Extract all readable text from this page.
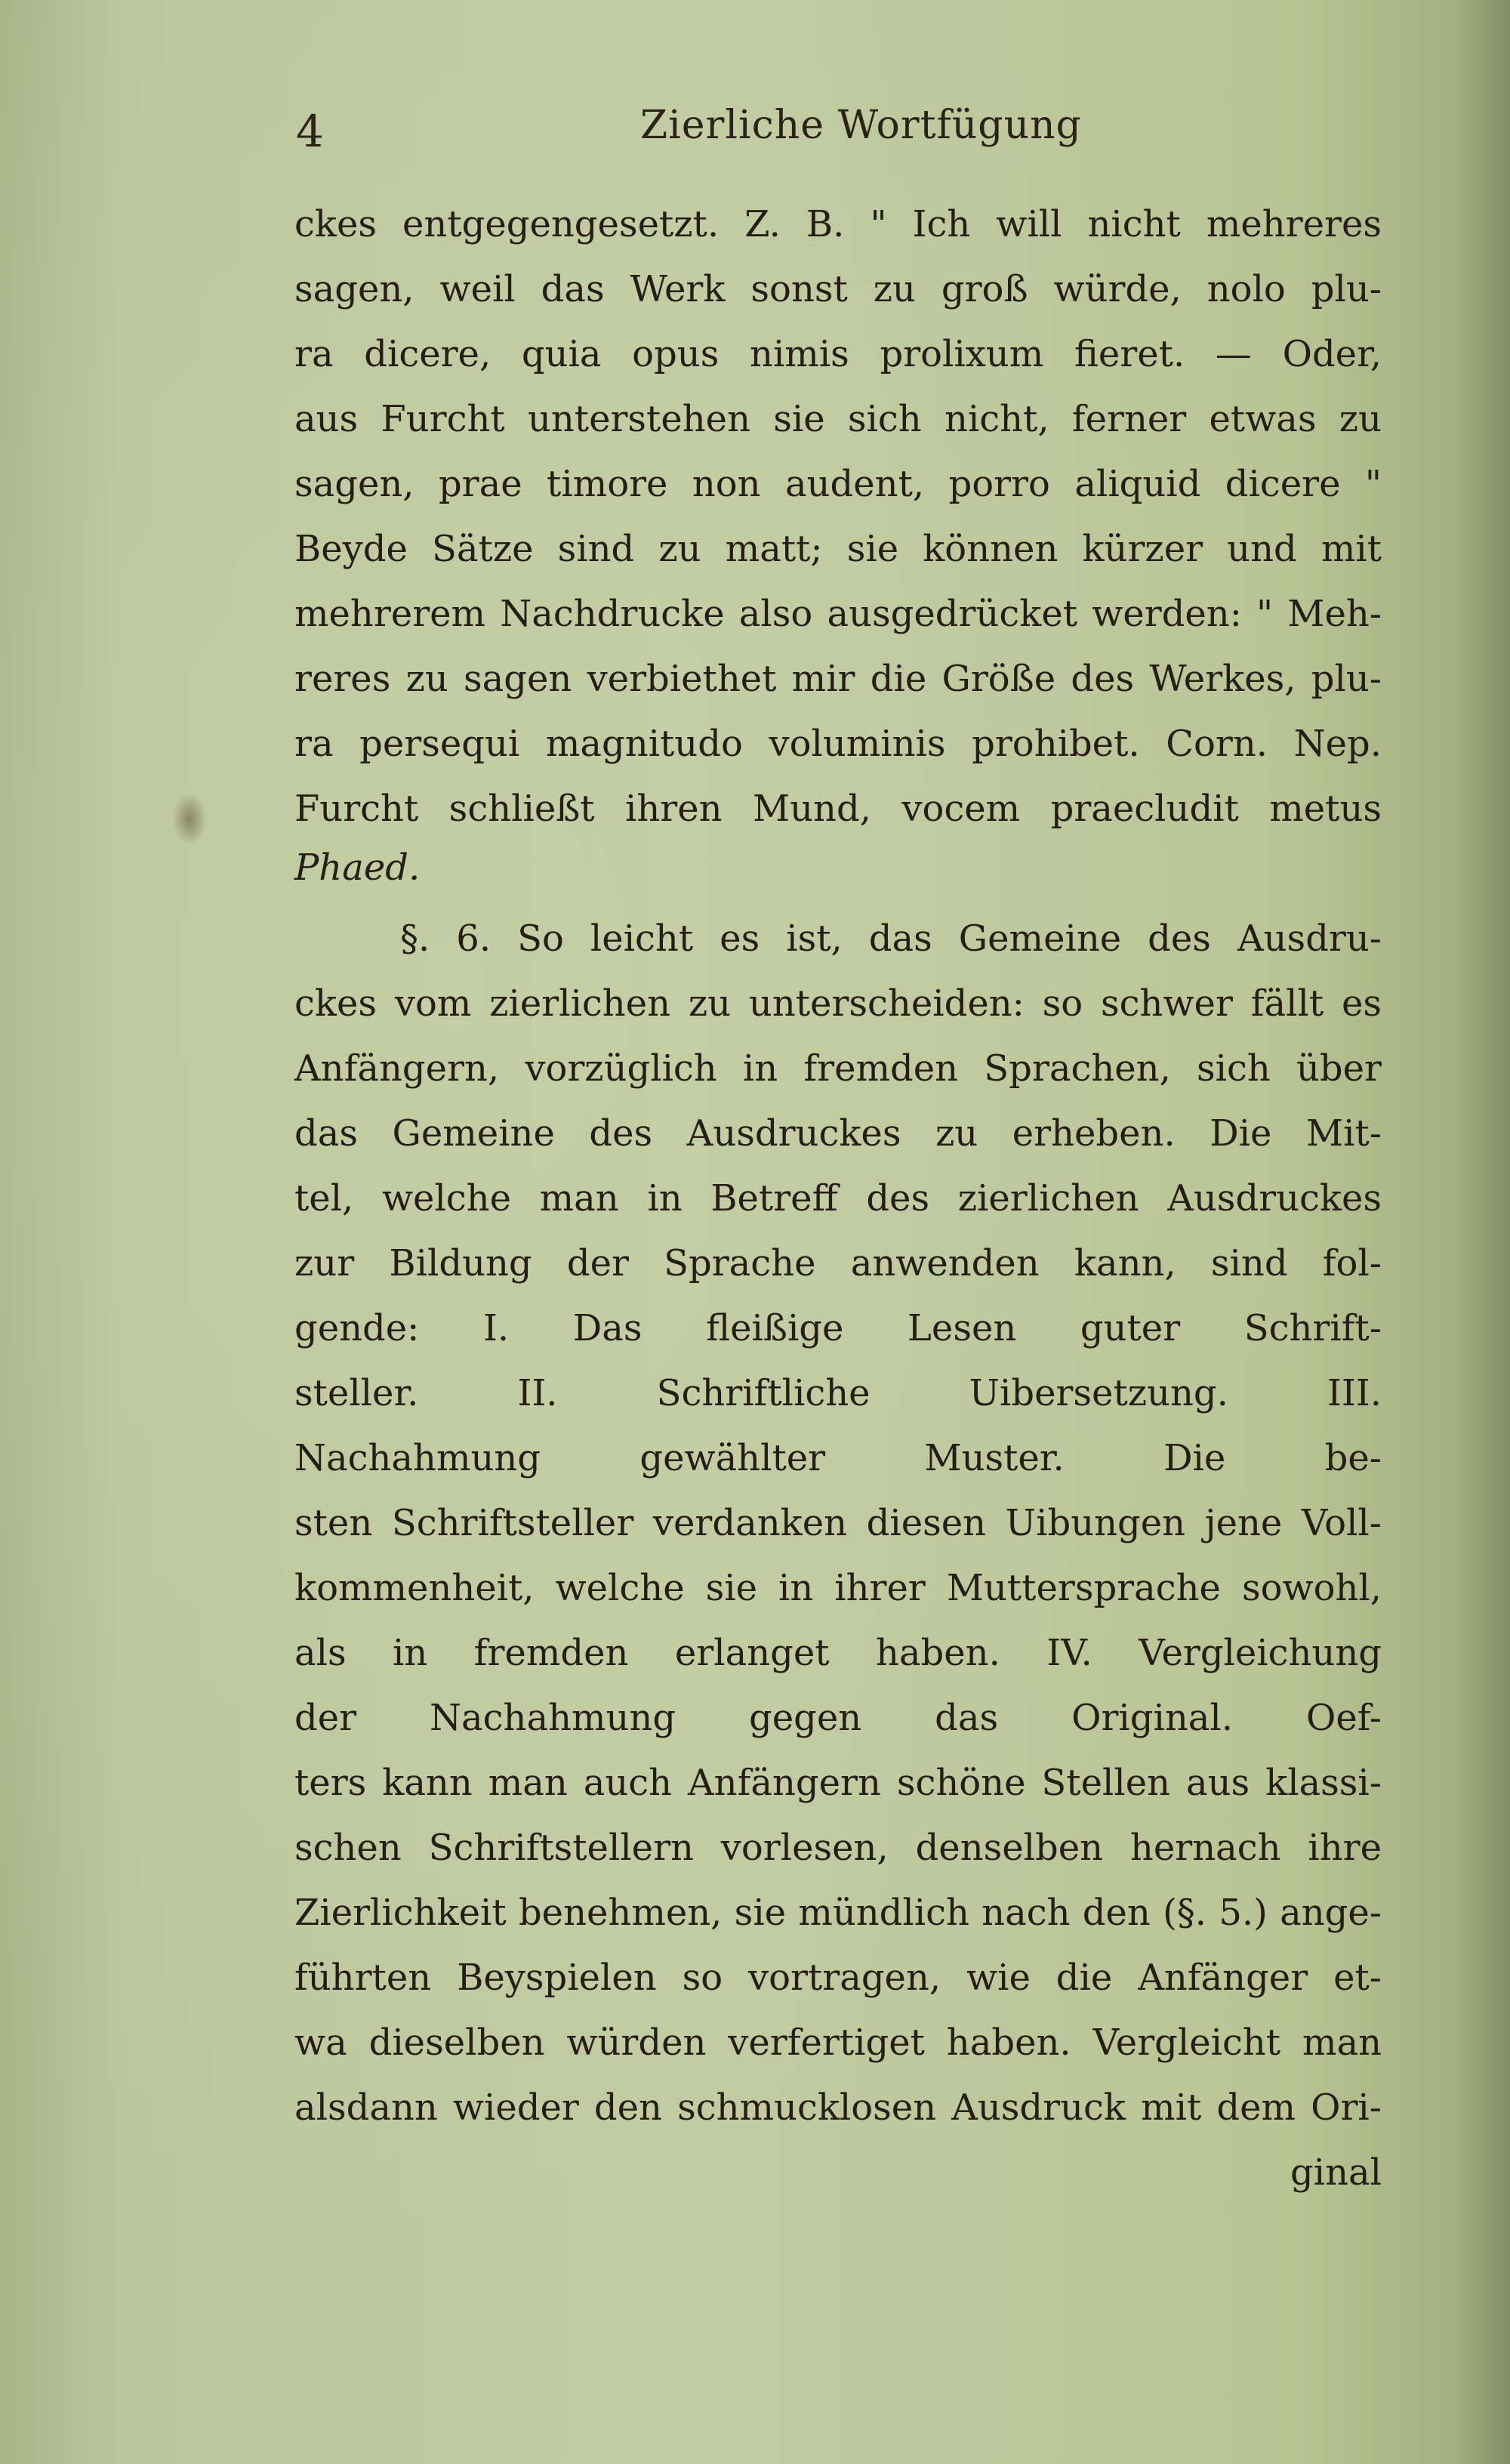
4	Zierliche Wortfügung
ckes entgegengesetzt. Z. B. " Ich will nicht mehreres
sagen, weil das Werk sonst zu groß würde, nolo plu-
ra dicere, quia opus nimis prolixum fieret. — Oder,
aus Furcht unterstehen sie sich nicht, ferner etwas zu
sagen, prae timore non audent, porro aliquid dicere "
Beyde Sätze sind zu matt; sie können kürzer und mit
mehrerem Nachdrucke also ausgedrücket werden: " Meh-
reres zu sagen verbiethet mir die Größe des Werkes, plu-
ra persequi magnitudo voluminis prohibet. Corn. Nep.
Furcht schließt ihren Mund, vocem praecludit metus
Phaed.
§. 6. So leicht es ist, das Gemeine des Ausdru-
ckes vom zierlichen zu unterscheiden: so schwer fällt es
Anfängern, vorzüglich in fremden Sprachen, sich über
das Gemeine des Ausdruckes zu erheben. Die Mit-
tel, welche man in Betreff des zierlichen Ausdruckes
zur Bildung der Sprache anwenden kann, sind fol-
gende: I. Das fleißige Lesen guter Schrift-
steller. II. Schriftliche Uibersetzung. III.
Nachahmung gewählter Muster. Die be-
sten Schriftsteller verdanken diesen Uibungen jene Voll-
kommenheit, welche sie in ihrer Muttersprache sowohl,
als in fremden erlanget haben. IV. Vergleichung
der Nachahmung gegen das Original. Oef-
ters kann man auch Anfängern schöne Stellen aus klassi-
schen Schriftstellern vorlesen, denselben hernach ihre
Zierlichkeit benehmen, sie mündlich nach den (§. 5.) ange-
führten Beyspielen so vortragen, wie die Anfänger et-
wa dieselben würden verfertiget haben. Vergleicht man
alsdann wieder den schmucklosen Ausdruck mit dem Ori-
ginal
